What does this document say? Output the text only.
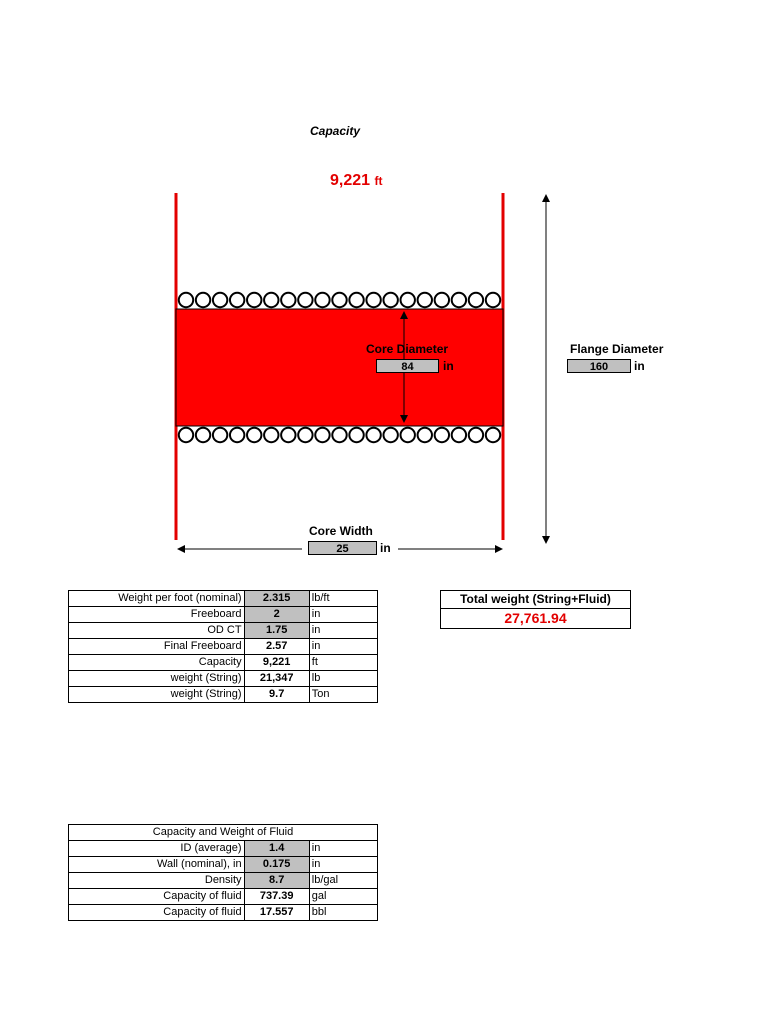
Capacity
9,221 ft
Core Diameter
84	in
Flange Diameter
160	in
Core Width
25	in
Weight per foot (nominal)	2.315	lb/ft
Freeboard	2	in
OD CT	1.75	in
Final Freeboard	2.57	in
Capacity	9,221	ft
weight (String)	21,347	lb
weight (String)	9.7	Ton
Total weight (String+Fluid)
27,761.94
Capacity and Weight of Fluid		
ID (average)	1.4	in
Wall (nominal), in	0.175	in
Density	8.7	lb/gal
Capacity of fluid	737.39	gal
Capacity of fluid	17.557	bbl
